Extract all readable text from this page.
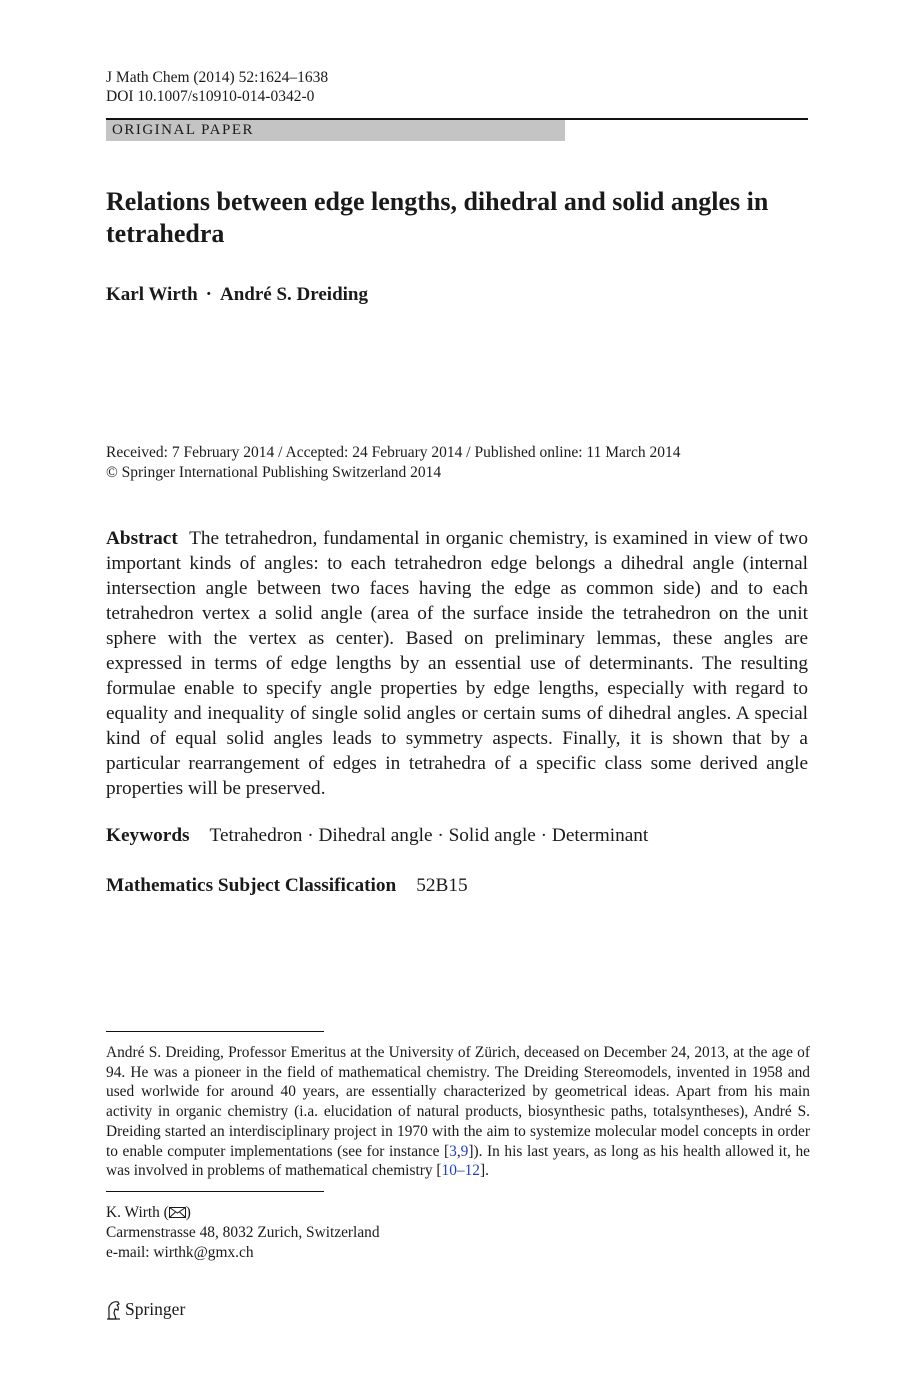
J Math Chem (2014) 52:1624–1638
DOI 10.1007/s10910-014-0342-0
ORIGINAL PAPER
Relations between edge lengths, dihedral and solid angles in tetrahedra
Karl Wirth · André S. Dreiding
Received: 7 February 2014 / Accepted: 24 February 2014 / Published online: 11 March 2014
© Springer International Publishing Switzerland 2014
Abstract The tetrahedron, fundamental in organic chemistry, is examined in view of two important kinds of angles: to each tetrahedron edge belongs a dihedral angle (internal intersection angle between two faces having the edge as common side) and to each tetrahedron vertex a solid angle (area of the surface inside the tetrahedron on the unit sphere with the vertex as center). Based on preliminary lemmas, these angles are expressed in terms of edge lengths by an essential use of determinants. The resulting formulae enable to specify angle properties by edge lengths, especially with regard to equality and inequality of single solid angles or certain sums of dihedral angles. A special kind of equal solid angles leads to symmetry aspects. Finally, it is shown that by a particular rearrangement of edges in tetrahedra of a specific class some derived angle properties will be preserved.
Keywords Tetrahedron · Dihedral angle · Solid angle · Determinant
Mathematics Subject Classification 52B15
André S. Dreiding, Professor Emeritus at the University of Zürich, deceased on December 24, 2013, at the age of 94. He was a pioneer in the field of mathematical chemistry. The Dreiding Stereomodels, invented in 1958 and used worlwide for around 40 years, are essentially characterized by geometrical ideas. Apart from his main activity in organic chemistry (i.a. elucidation of natural products, biosynthesic paths, totalsyntheses), André S. Dreiding started an interdisciplinary project in 1970 with the aim to systemize molecular model concepts in order to enable computer implementations (see for instance [3,9]). In his last years, as long as his health allowed it, he was involved in problems of mathematical chemistry [10–12].
K. Wirth ( )
Carmenstrasse 48, 8032 Zurich, Switzerland
e-mail: wirthk@gmx.ch
Springer
